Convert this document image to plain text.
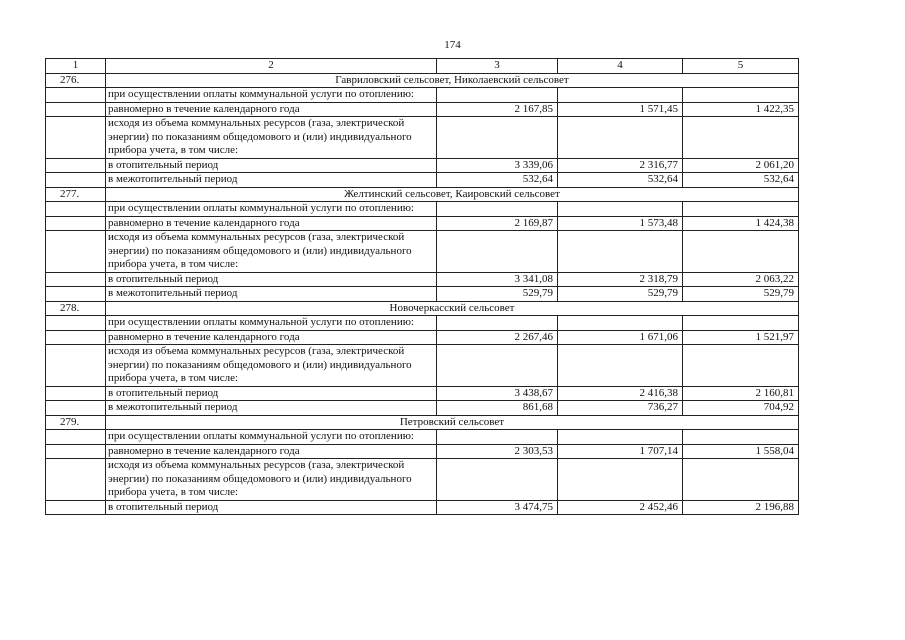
174
1	2	3	4	5
276.	Гавриловский сельсовет, Николаевский сельсовет			
	при осуществлении оплаты коммунальной услуги по отоплению:			
	равномерно в течение календарного года	2 167,85	1 571,45	1 422,35
	исходя из объема коммунальных ресурсов (газа, электрической энергии) по показаниям общедомового и (или) индивидуального прибора учета, в том числе:			
	в отопительный период	3 339,06	2 316,77	2 061,20
	в межотопительный период	532,64	532,64	532,64
277.	Желтинский сельсовет, Каировский сельсовет			
	при осуществлении оплаты коммунальной услуги по отоплению:			
	равномерно в течение календарного года	2 169,87	1 573,48	1 424,38
	исходя из объема коммунальных ресурсов (газа, электрической энергии) по показаниям общедомового и (или) индивидуального прибора учета, в том числе:			
	в отопительный период	3 341,08	2 318,79	2 063,22
	в межотопительный период	529,79	529,79	529,79
278.	Новочеркасский сельсовет			
	при осуществлении оплаты коммунальной услуги по отоплению:			
	равномерно в течение календарного года	2 267,46	1 671,06	1 521,97
	исходя из объема коммунальных ресурсов (газа, электрической энергии) по показаниям общедомового и (или) индивидуального прибора учета, в том числе:			
	в отопительный период	3 438,67	2 416,38	2 160,81
	в межотопительный период	861,68	736,27	704,92
279.	Петровский сельсовет			
	при осуществлении оплаты коммунальной услуги по отоплению:			
	равномерно в течение календарного года	2 303,53	1 707,14	1 558,04
	исходя из объема коммунальных ресурсов (газа, электрической энергии) по показаниям общедомового и (или) индивидуального прибора учета, в том числе:			
	в отопительный период	3 474,75	2 452,46	2 196,88
